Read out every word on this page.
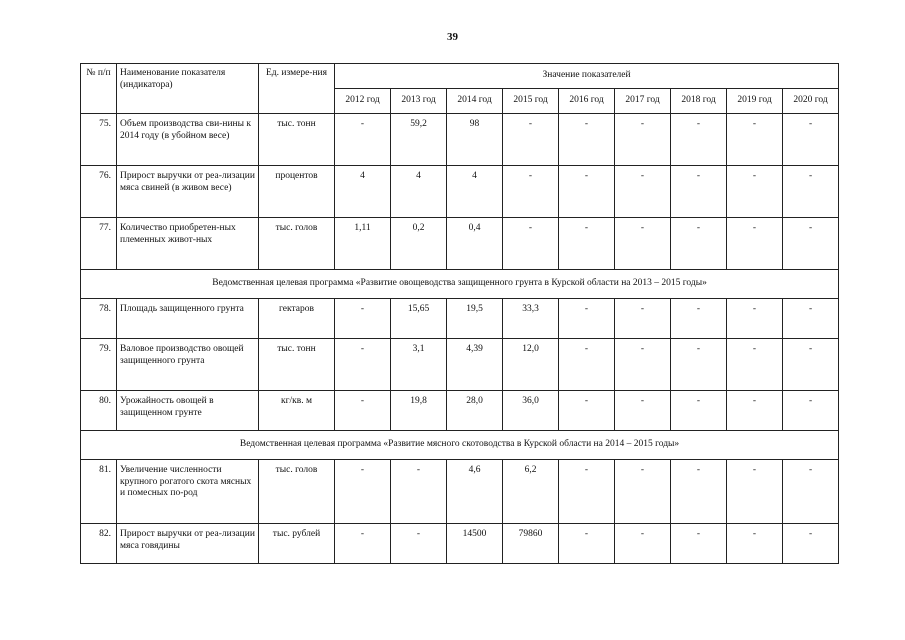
39
№ п/п	Наименование показателя (индикатора)	Ед. измере-ния	Значение показателей								
			2012 год	2013 год	2014 год	2015 год	2016 год	2017 год	2018 год	2019 год	2020 год
75.	Объем производства сви-нины к 2014 году (в убойном весе)	тыс. тонн	-	59,2	98	-	-	-	-	-	-
76.	Прирост выручки от реа-лизации мяса свиней (в живом весе)	процентов	4	4	4	-	-	-	-	-	-
77.	Количество приобретен-ных племенных живот-ных	тыс. голов	1,11	0,2	0,4	-	-	-	-	-	-
Ведомственная целевая программа «Развитие овощеводства защищенного грунта в Курской области на 2013 – 2015 годы»											
78.	Площадь защищенного грунта	гектаров	-	15,65	19,5	33,3	-	-	-	-	-
79.	Валовое производство овощей защищенного грунта	тыс. тонн	-	3,1	4,39	12,0	-	-	-	-	-
80.	Урожайность овощей в защищенном грунте	кг/кв. м	-	19,8	28,0	36,0	-	-	-	-	-
Ведомственная целевая программа «Развитие мясного скотоводства в Курской области на 2014 – 2015 годы»											
81.	Увеличение численности крупного рогатого скота мясных и помесных по-род	тыс. голов	-	-	4,6	6,2	-	-	-	-	-
82.	Прирост выручки от реа-лизации мяса говядины	тыс. рублей	-	-	14500	79860	-	-	-	-	-
